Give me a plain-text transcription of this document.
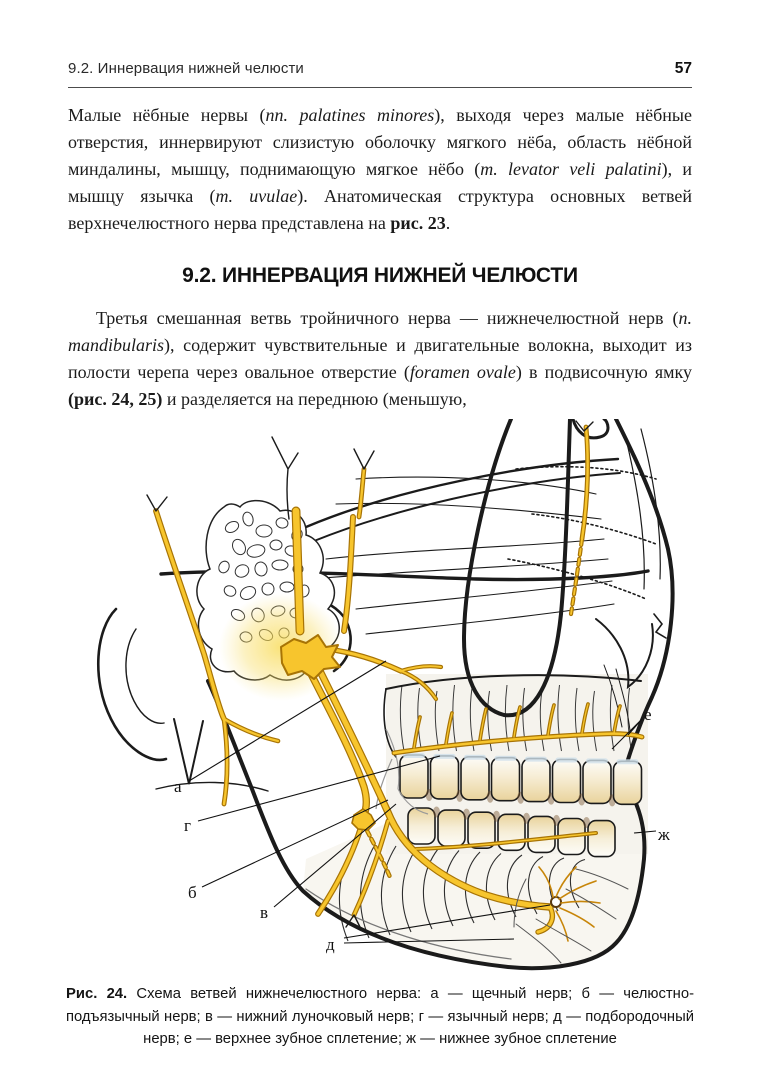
9.2. Иннервация нижней челюсти	57

Малые нёбные нервы (nn. palatines minores), выходя через малые нёбные отверстия, иннервируют слизистую оболочку мягкого нёба, область нёбной миндалины, мышцу, поднимающую мягкое нёбо (m. levator veli palatini), и мышцу язычка (m. uvulae). Анатомическая структура основных ветвей верхнечелюстного нерва представлена на рис. 23.

9.2. ИННЕРВАЦИЯ НИЖНЕЙ ЧЕЛЮСТИ

Третья смешанная ветвь тройничного нерва — нижнечелюстной нерв (n. mandibularis), содержит чувствительные и двигательные волокна, выходит из полости черепа через овальное отверстие (foramen ovale) в подвисочную ямку (рис. 24, 25) и разделяется на переднюю (меньшую,

а
г
б
в
д
е
ж

Рис. 24. Схема ветвей нижнечелюстного нерва: а — щечный нерв; б — челюстно-подъязычный нерв; в — нижний луночковый нерв; г — язычный нерв; д — подбородочный нерв; е — верхнее зубное сплетение; ж — нижнее зубное сплетение
